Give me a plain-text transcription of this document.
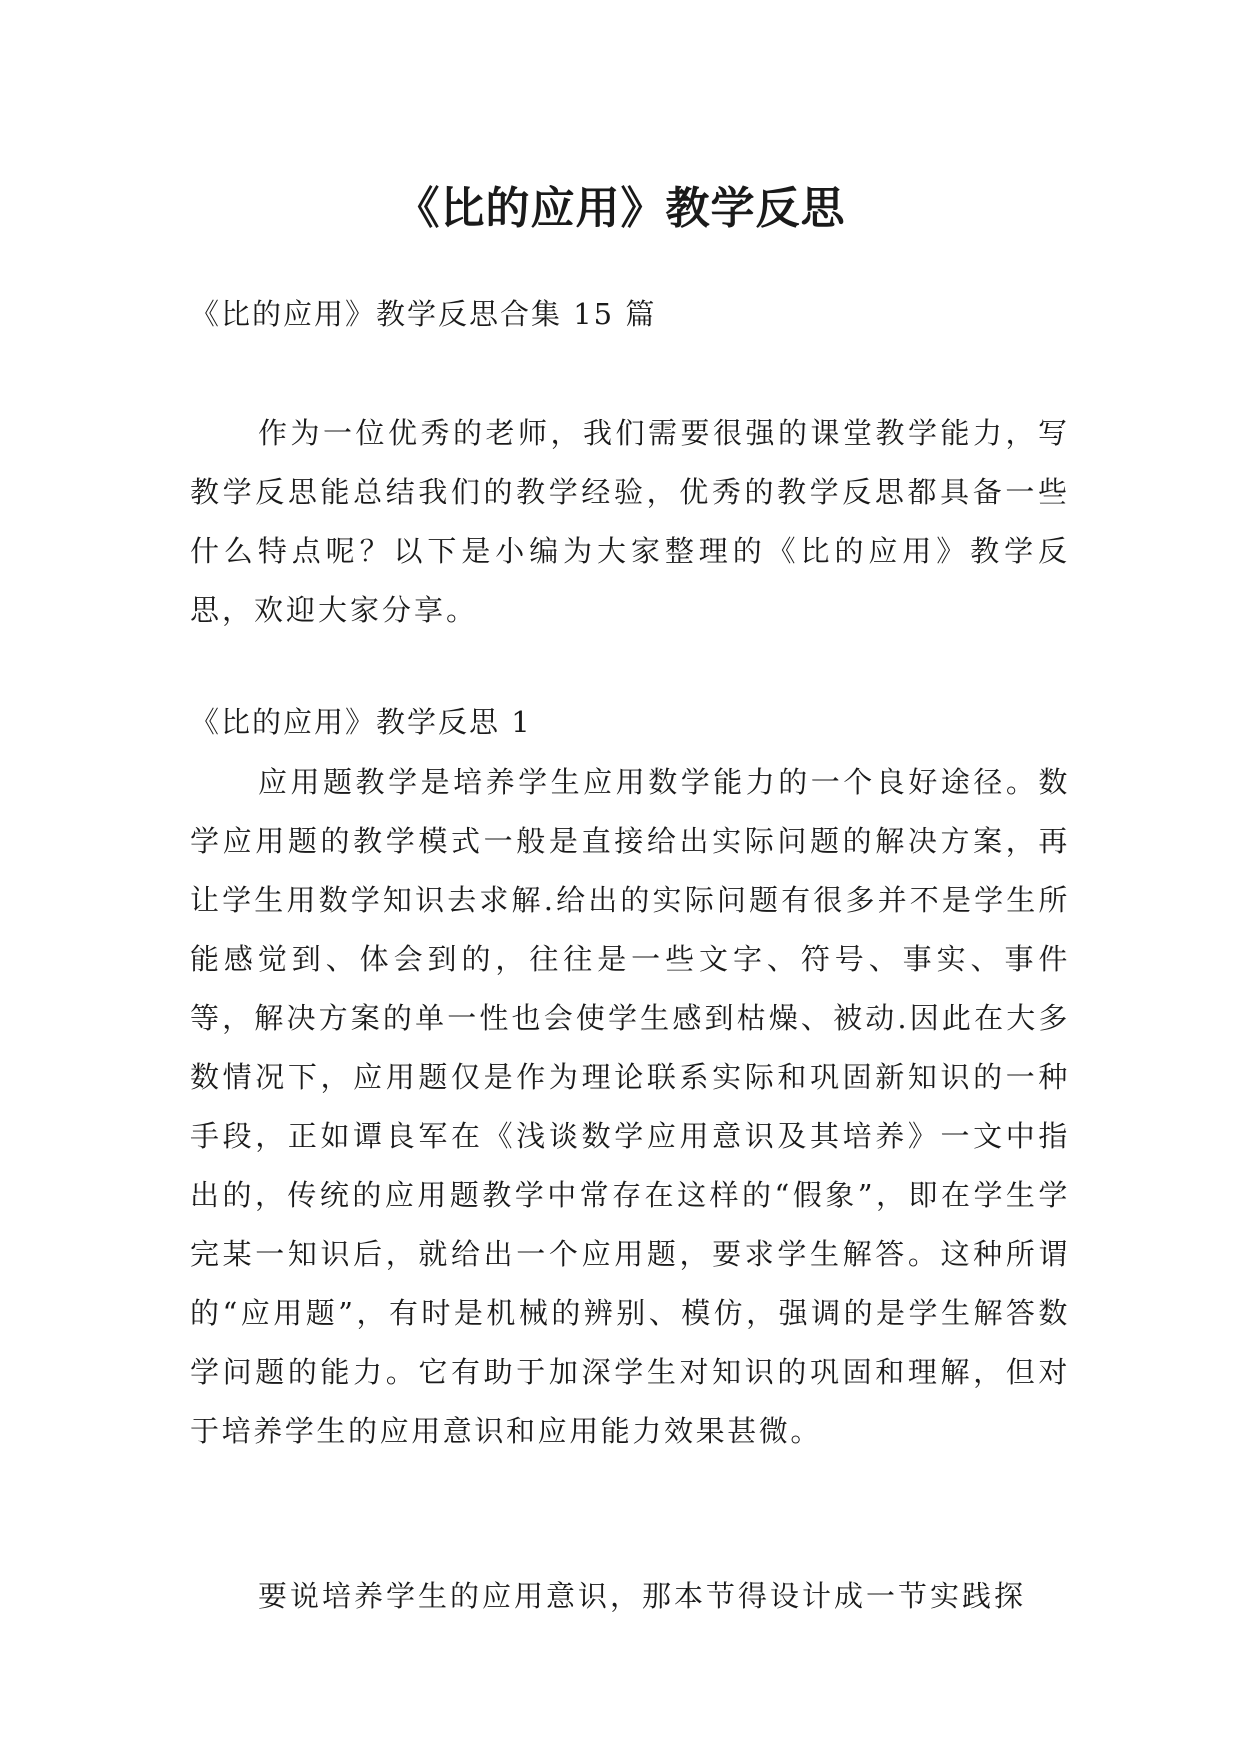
《比的应用》教学反思
《比的应用》教学反思合集 15 篇

作为一位优秀的老师，我们需要很强的课堂教学能力，写教学反思能总结我们的教学经验，优秀的教学反思都具备一些什么特点呢？以下是小编为大家整理的《比的应用》教学反思，欢迎大家分享。

《比的应用》教学反思 1

应用题教学是培养学生应用数学能力的一个良好途径。数学应用题的教学模式一般是直接给出实际问题的解决方案，再让学生用数学知识去求解.给出的实际问题有很多并不是学生所能感觉到、体会到的，往往是一些文字、符号、事实、事件等，解决方案的单一性也会使学生感到枯燥、被动.因此在大多数情况下，应用题仅是作为理论联系实际和巩固新知识的一种手段，正如谭良军在《浅谈数学应用意识及其培养》一文中指出的，传统的应用题教学中常存在这样的“假象”，即在学生学完某一知识后，就给出一个应用题，要求学生解答。这种所谓的“应用题”，有时是机械的辨别、模仿，强调的是学生解答数学问题的能力。它有助于加深学生对知识的巩固和理解，但对于培养学生的应用意识和应用能力效果甚微。

要说培养学生的应用意识，那本节得设计成一节实践探
